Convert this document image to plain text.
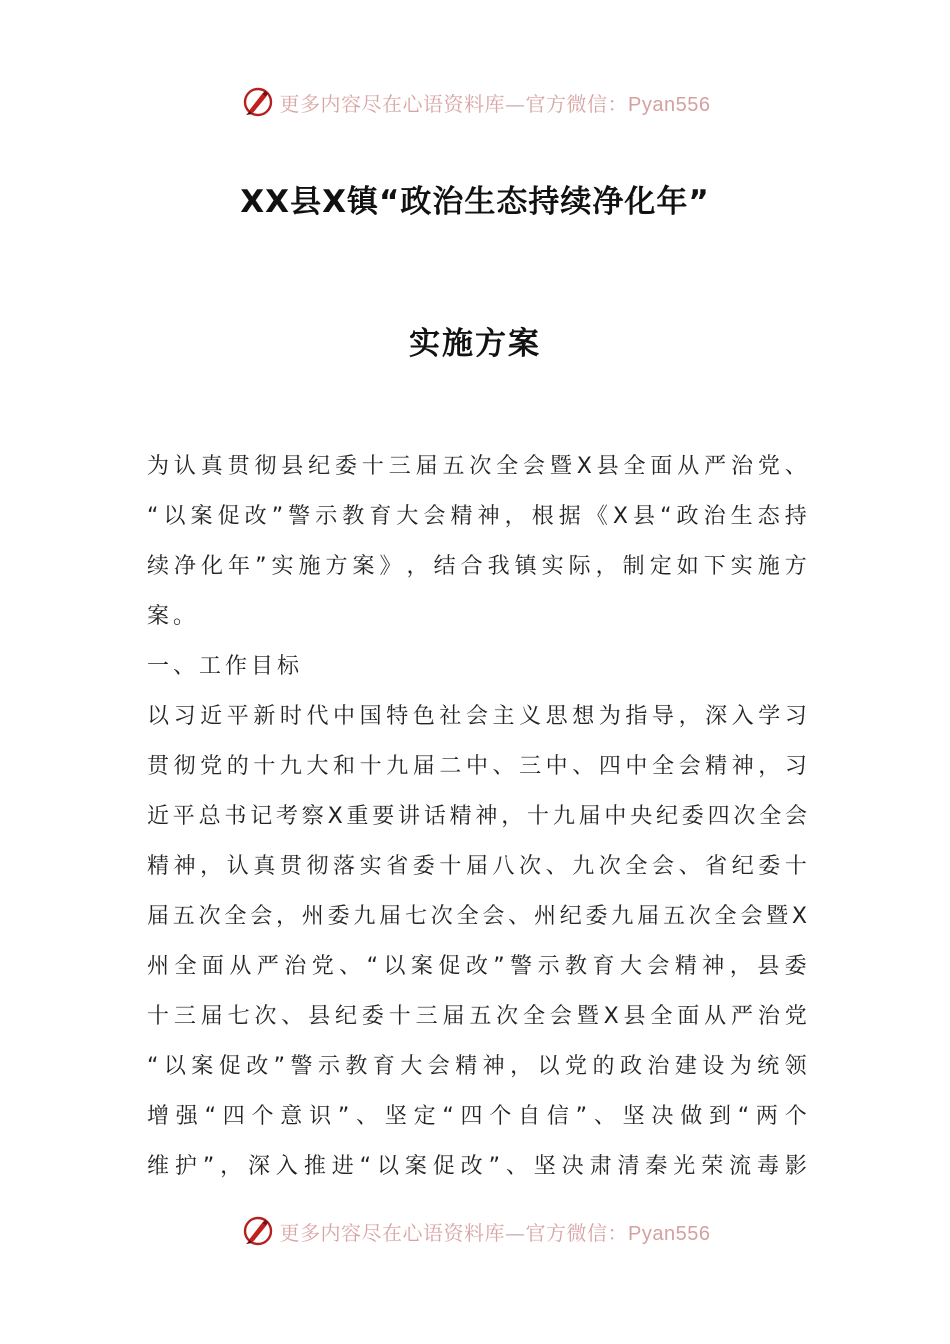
更多内容尽在心语资料库—官方微信：Pyan556
XX县X镇“政治生态持续净化年”
实施方案
为 认 真 贯 彻 县 纪 委 十 三 届 五 次 全 会 暨 X 县 全 面 从 严 治 党 、
“ 以 案 促 改 ” 警 示 教 育 大 会 精 神 ， 根 据 《 X 县 “ 政 治 生 态 持
续 净 化 年 ” 实 施 方 案 》 ， 结 合 我 镇 实 际 ， 制 定 如 下 实 施 方
案。
一、工作目标
以 习 近 平 新 时 代 中 国 特 色 社 会 主 义 思 想 为 指 导 ， 深 入 学 习
贯 彻 党 的 十 九 大 和 十 九 届 二 中 、 三 中 、 四 中 全 会 精 神 ， 习
近 平 总 书 记 考 察 X 重 要 讲 话 精 神 ， 十 九 届 中 央 纪 委 四 次 全 会
精 神 ， 认 真 贯 彻 落 实 省 委 十 届 八 次 、 九 次 全 会 、 省 纪 委 十
届 五 次 全 会 ， 州 委 九 届 七 次 全 会 、 州 纪 委 九 届 五 次 全 会 暨 X
州 全 面 从 严 治 党 、 “ 以 案 促 改 ” 警 示 教 育 大 会 精 神 ， 县 委
十 三 届 七 次 、 县 纪 委 十 三 届 五 次 全 会 暨 X 县 全 面 从 严 治 党
“ 以 案 促 改 ” 警 示 教 育 大 会 精 神 ， 以 党 的 政 治 建 设 为 统 领
增 强 “ 四 个 意 识 ” 、 坚 定 “ 四 个 自 信 ” 、 坚 决 做 到 “ 两 个
维 护 ” ， 深 入 推 进 “ 以 案 促 改 ” 、 坚 决 肃 清 秦 光 荣 流 毒 影
更多内容尽在心语资料库—官方微信：Pyan556
